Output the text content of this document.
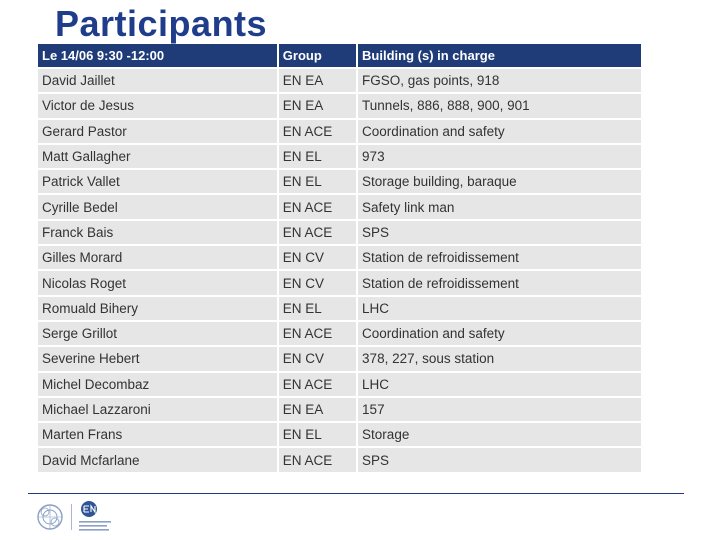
Participants
Le 14/06 9:30 -12:00	Group	Building (s) in charge
David Jaillet	EN EA	FGSO, gas points, 918
Victor de Jesus	EN EA	Tunnels, 886, 888, 900, 901
Gerard Pastor	EN ACE	Coordination and safety
Matt Gallagher	EN EL	973
Patrick Vallet	EN EL	Storage building, baraque
Cyrille Bedel	EN ACE	Safety link man
Franck Bais	EN ACE	SPS
Gilles Morard	EN CV	Station de refroidissement
Nicolas Roget	EN CV	Station de refroidissement
Romuald Bihery	EN EL	LHC
Serge Grillot	EN ACE	Coordination and safety
Severine Hebert	EN CV	378, 227, sous station
Michel Decombaz	EN ACE	LHC
Michael Lazzaroni	EN EA	157
Marten Frans	EN EL	Storage
David Mcfarlane	EN ACE	SPS
